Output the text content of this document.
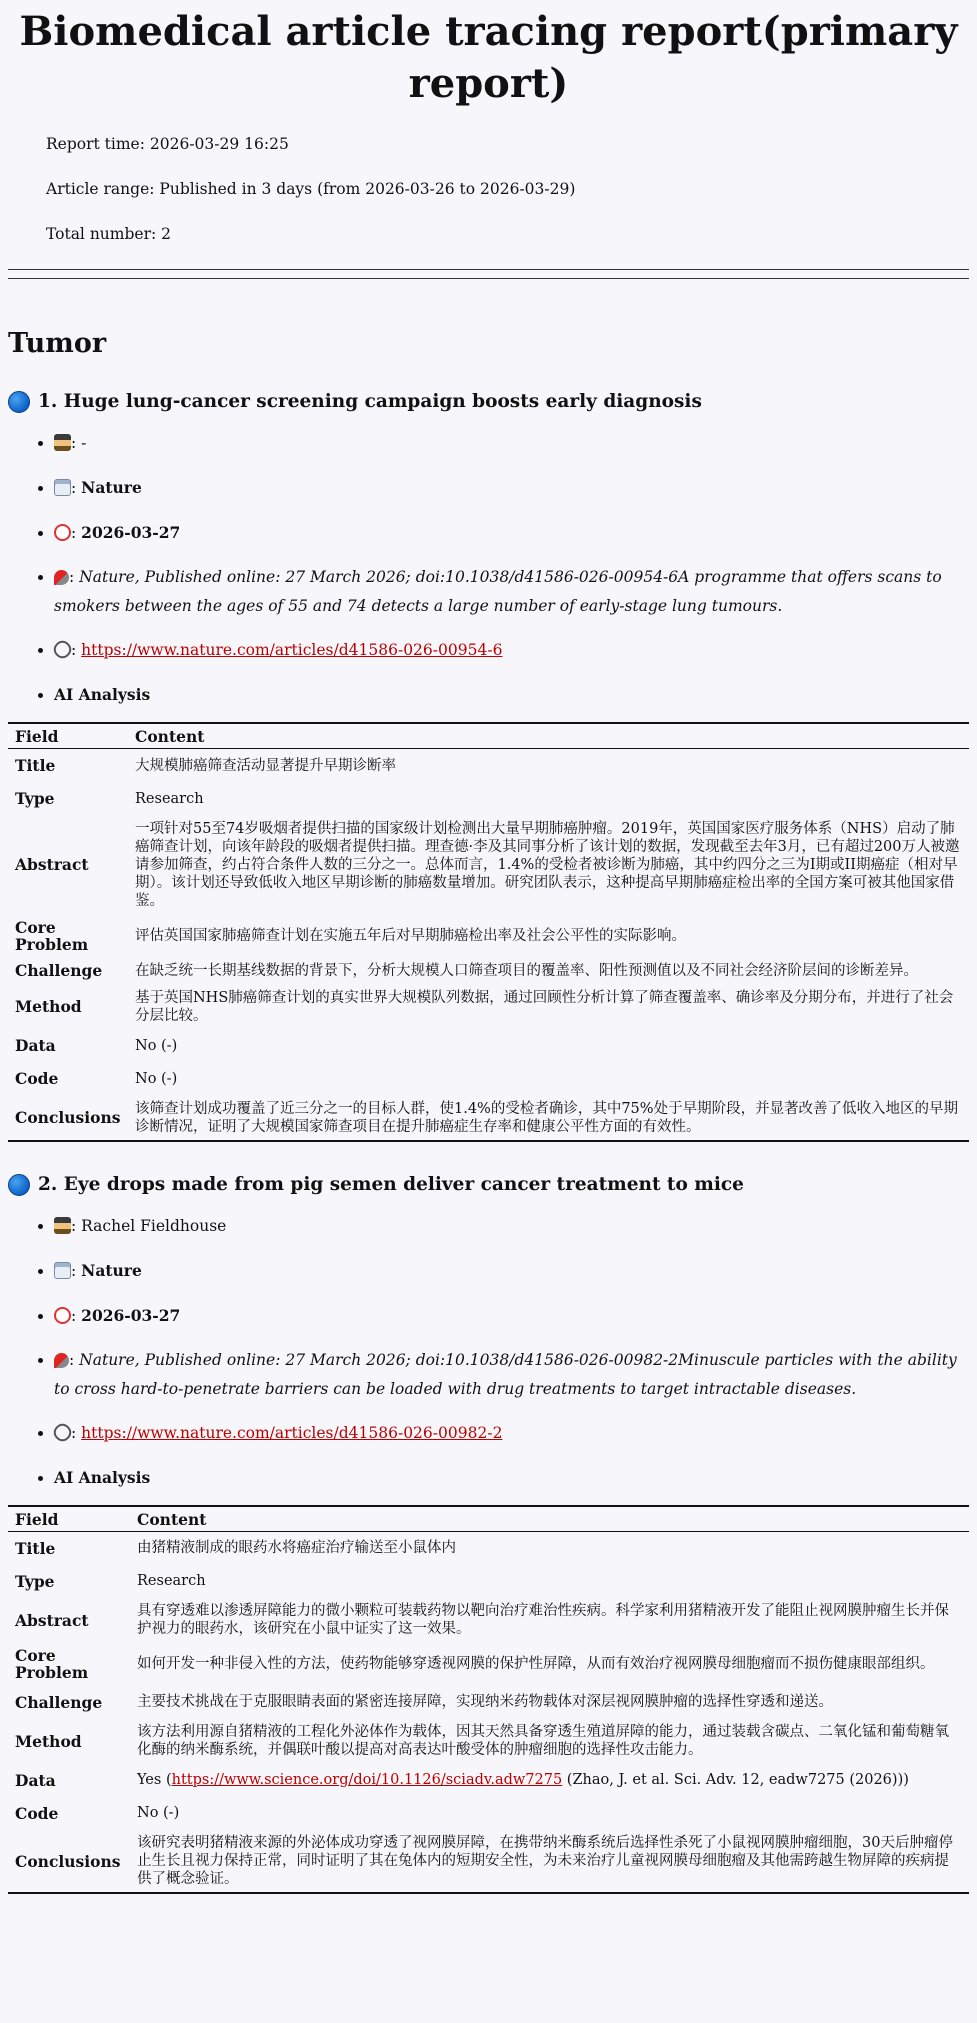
Biomedical article tracing report(primary report)

Report time: 2026-03-29 16:25

Article range: Published in 3 days (from 2026-03-26 to 2026-03-29)

Total number: 2

Tumor
1. Huge lung-cancer screening campaign boosts early diagnosis
• : -
• : Nature
• : 2026-03-27
• : Nature, Published online: 27 March 2026; doi:10.1038/d41586-026-00954-6A programme that offers scans to smokers between the ages of 55 and 74 detects a large number of early-stage lung tumours.
• : https://www.nature.com/articles/d41586-026-00954-6
• AI Analysis
Field	Content
Title	大规模肺癌筛查活动显著提升早期诊断率
Type	Research
Abstract	一项针对55至74岁吸烟者提供扫描的国家级计划检测出大量早期肺癌肿瘤。2019年，英国国家医疗服务体系（NHS）启动了肺癌筛查计划，向该年龄段的吸烟者提供扫描。理查德·李及其同事分析了该计划的数据，发现截至去年3月，已有超过200万人被邀请参加筛查，约占符合条件人数的三分之一。总体而言，1.4%的受检者被诊断为肺癌，其中约四分之三为I期或II期癌症（相对早期）。该计划还导致低收入地区早期诊断的肺癌数量增加。研究团队表示，这种提高早期肺癌症检出率的全国方案可被其他国家借鉴。
Core Problem	评估英国国家肺癌筛查计划在实施五年后对早期肺癌检出率及社会公平性的实际影响。
Challenge	在缺乏统一长期基线数据的背景下，分析大规模人口筛查项目的覆盖率、阳性预测值以及不同社会经济阶层间的诊断差异。
Method	基于英国NHS肺癌筛查计划的真实世界大规模队列数据，通过回顾性分析计算了筛查覆盖率、确诊率及分期分布，并进行了社会分层比较。
Data	No (-)
Code	No (-)
Conclusions	该筛查计划成功覆盖了近三分之一的目标人群，使1.4%的受检者确诊，其中75%处于早期阶段，并显著改善了低收入地区的早期诊断情况，证明了大规模国家筛查项目在提升肺癌症生存率和健康公平性方面的有效性。
2. Eye drops made from pig semen deliver cancer treatment to mice
• : Rachel Fieldhouse
• : Nature
• : 2026-03-27
• : Nature, Published online: 27 March 2026; doi:10.1038/d41586-026-00982-2Minuscule particles with the ability to cross hard-to-penetrate barriers can be loaded with drug treatments to target intractable diseases.
• : https://www.nature.com/articles/d41586-026-00982-2
• AI Analysis
Field	Content
Title	由猪精液制成的眼药水将癌症治疗输送至小鼠体内
Type	Research
Abstract	具有穿透难以渗透屏障能力的微小颗粒可装载药物以靶向治疗难治性疾病。科学家利用猪精液开发了能阻止视网膜肿瘤生长并保护视力的眼药水，该研究在小鼠中证实了这一效果。
Core Problem	如何开发一种非侵入性的方法，使药物能够穿透视网膜的保护性屏障，从而有效治疗视网膜母细胞瘤而不损伤健康眼部组织。
Challenge	主要技术挑战在于克服眼睛表面的紧密连接屏障，实现纳米药物载体对深层视网膜肿瘤的选择性穿透和递送。
Method	该方法利用源自猪精液的工程化外泌体作为载体，因其天然具备穿透生殖道屏障的能力，通过装载含碳点、二氧化锰和葡萄糖氧化酶的纳米酶系统，并偶联叶酸以提高对高表达叶酸受体的肿瘤细胞的选择性攻击能力。
Data	Yes (https://www.science.org/doi/10.1126/sciadv.adw7275 (Zhao, J. et al. Sci. Adv. 12, eadw7275 (2026)))
Code	No (-)
Conclusions	该研究表明猪精液来源的外泌体成功穿透了视网膜屏障，在携带纳米酶系统后选择性杀死了小鼠视网膜肿瘤细胞，30天后肿瘤停止生长且视力保持正常，同时证明了其在兔体内的短期安全性，为未来治疗儿童视网膜母细胞瘤及其他需跨越生物屏障的疾病提供了概念验证。
